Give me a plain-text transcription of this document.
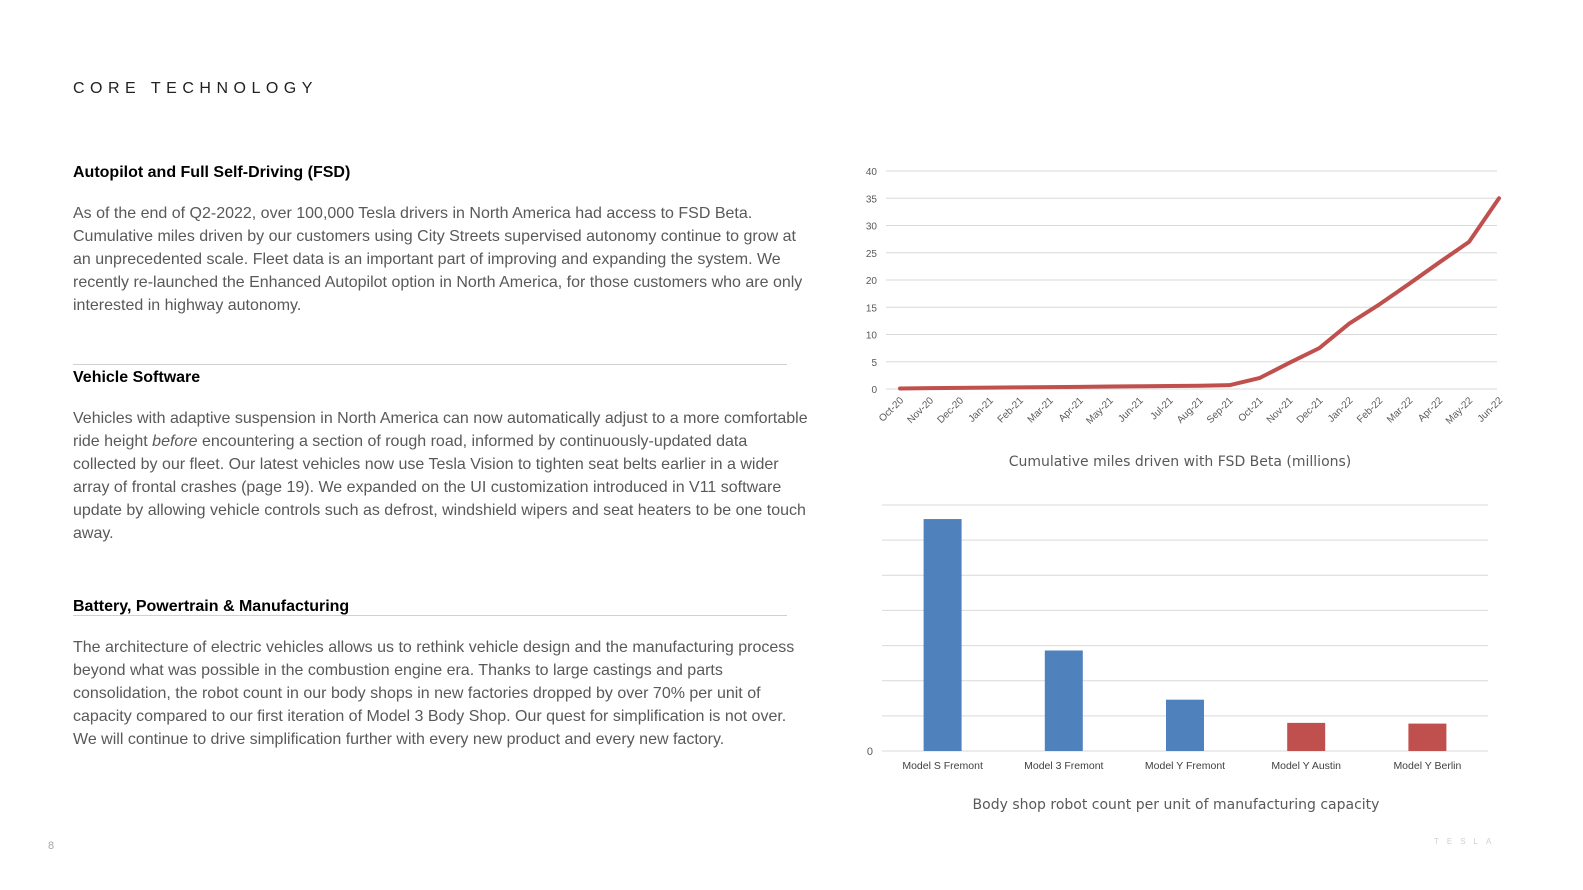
CORE TECHNOLOGY
Autopilot and Full Self-Driving (FSD)

As of the end of Q2-2022, over 100,000 Tesla drivers in North America had access to FSD Beta. Cumulative miles driven by our customers using City Streets supervised autonomy continue to grow at an unprecedented scale. Fleet data is an important part of improving and expanding the system. We recently re-launched the Enhanced Autopilot option in North America, for those customers who are only interested in highway autonomy.

Vehicle Software

Vehicles with adaptive suspension in North America can now automatically adjust to a more comfortable ride height before encountering a section of rough road, informed by continuously-updated data collected by our fleet. Our latest vehicles now use Tesla Vision to tighten seat belts earlier in a wider array of frontal crashes (page 19). We expanded on the UI customization introduced in V11 software update by allowing vehicle controls such as defrost, windshield wipers and seat heaters to be one touch away.

Battery, Powertrain & Manufacturing

The architecture of electric vehicles allows us to rethink vehicle design and the manufacturing process beyond what was possible in the combustion engine era. Thanks to large castings and parts consolidation, the robot count in our body shops in new factories dropped by over 70% per unit of capacity compared to our first iteration of Model 3 Body Shop. Our quest for simplification is not over. We will continue to drive simplification further with every new product and every new factory.

0
5
10
15
20
25
30
35
40
Oct-20 Nov-20 Dec-20 Jan-21 Feb-21 Mar-21 Apr-21
May-21 Jun-21 Jul-21 Aug-21 Sep-21 Oct-21 Nov-21 Dec-21 Jan-22 Feb-22 Mar-22 Apr-22
May-22 Jun-22
Cumulative miles driven with FSD Beta (millions)
0
Model S Fremont	Model 3 Fremont	Model Y Fremont	Model Y Austin	Model Y Berlin
Body shop robot count per unit of manufacturing capacity
8	TESLA
